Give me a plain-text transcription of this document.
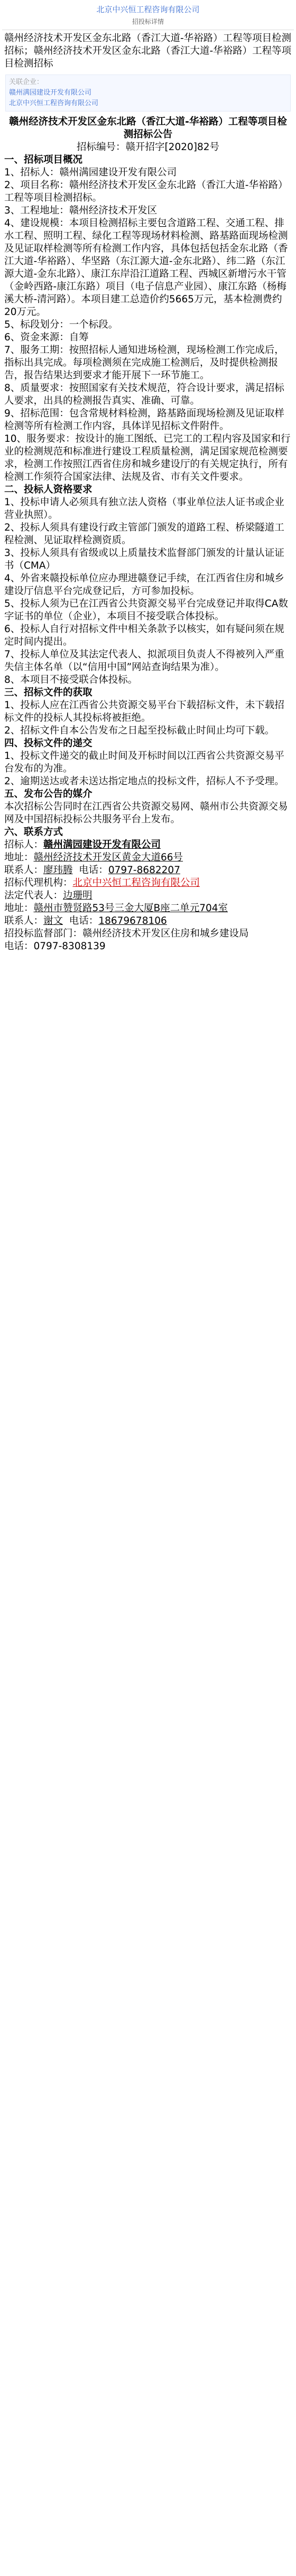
北京中兴恒工程咨询有限公司
招投标详情
赣州经济技术开发区金东北路（香江大道-华裕路）工程等项目检测招标；赣州经济技术开发区金东北路（香江大道-华裕路）工程等项目检测招标
关联企业：
赣州满园建设开发有限公司
北京中兴恒工程咨询有限公司
赣州经济技术开发区金东北路（香江大道-华裕路）工程等项目检测招标公告
招标编号：赣开招字[2020]82号
一、招标项目概况
1、招标人：赣州满园建设开发有限公司
2、项目名称：赣州经济技术开发区金东北路（香江大道-华裕路）工程等项目检测招标。
3、工程地址：赣州经济技术开发区
4、建设规模：本项目检测招标主要包含道路工程、交通工程、排水工程、照明工程、绿化工程等现场材料检测、路基路面现场检测及见证取样检测等所有检测工作内容，具体包括包括金东北路（香江大道-华裕路）、华坚路（东江源大道-金东北路）、纬二路（东江源大道-金东北路）、康江东岸沿江道路工程、西城区新增污水干管（金岭西路-康江东路）项目（电子信息产业园）、康江东路（杨梅溪大桥-清河路）。本项目建工总造价约5665万元，基本检测费约20万元。
5、标段划分：一个标段。
6、资金来源：自筹
7、服务工期：按照招标人通知进场检测，现场检测工作完成后，指标出具完成。每项检测须在完成施工检测后，及时提供检测报告，报告结果达到要求才能开展下一环节施工。
8、质量要求：按照国家有关技术规范，符合设计要求，满足招标人要求，出具的检测报告真实、准确、可靠。
9、招标范围：包含常规材料检测，路基路面现场检测及见证取样检测等所有检测工作内容，具体详见招标文件附件。
10、服务要求：按设计的施工图纸、已完工的工程内容及国家和行业的检测规范和标准进行建设工程质量检测，满足国家规范检测要求，检测工作按照江西省住房和城乡建设厅的有关规定执行，所有检测工作须符合国家法律、法规及省、市有关文件要求。
二、投标人资格要求
1、投标申请人必须具有独立法人资格（事业单位法人证书或企业营业执照）。
2、投标人须具有建设行政主管部门颁发的道路工程、桥梁隧道工程检测、见证取样检测资质。
3、投标人须具有省级或以上质量技术监督部门颁发的计量认证证书（CMA）
4、外省来赣投标单位应办理进赣登记手续，在江西省住房和城乡建设厅信息平台完成登记后，方可参加投标。
5、投标人须为已在江西省公共资源交易平台完成登记并取得CA数字证书的单位（企业），本项目不接受联合体投标。
6、投标人自行对招标文件中相关条款予以核实，如有疑问须在规定时间内提出。
7、投标人单位及其法定代表人、拟派项目负责人不得被列入严重失信主体名单（以“信用中国”网站查询结果为准）。
8、本项目不接受联合体投标。
三、招标文件的获取
1、投标人应在江西省公共资源交易平台下载招标文件，未下载招标文件的投标人其投标将被拒绝。
2、招标文件自本公告发布之日起至投标截止时间止均可下载。
四、投标文件的递交
1、投标文件递交的截止时间及开标时间以江西省公共资源交易平台发布的为准。
2、逾期送达或者未送达指定地点的投标文件，招标人不予受理。
五、发布公告的媒介
本次招标公告同时在江西省公共资源交易网、赣州市公共资源交易网及中国招标投标公共服务平台上发布。
六、联系方式
招标人：赣州满园建设开发有限公司
地址：赣州经济技术开发区黄金大道66号
联系人：廖玮腾 电话：0797-8682207
招标代理机构：北京中兴恒工程咨询有限公司
法定代表人：边珊明
地址：赣州市赞贤路53号三金大厦B座二单元704室
联系人：谢文 电话：18679678106
招投标监督部门：赣州经济技术开发区住房和城乡建设局
电话：0797-8308139
